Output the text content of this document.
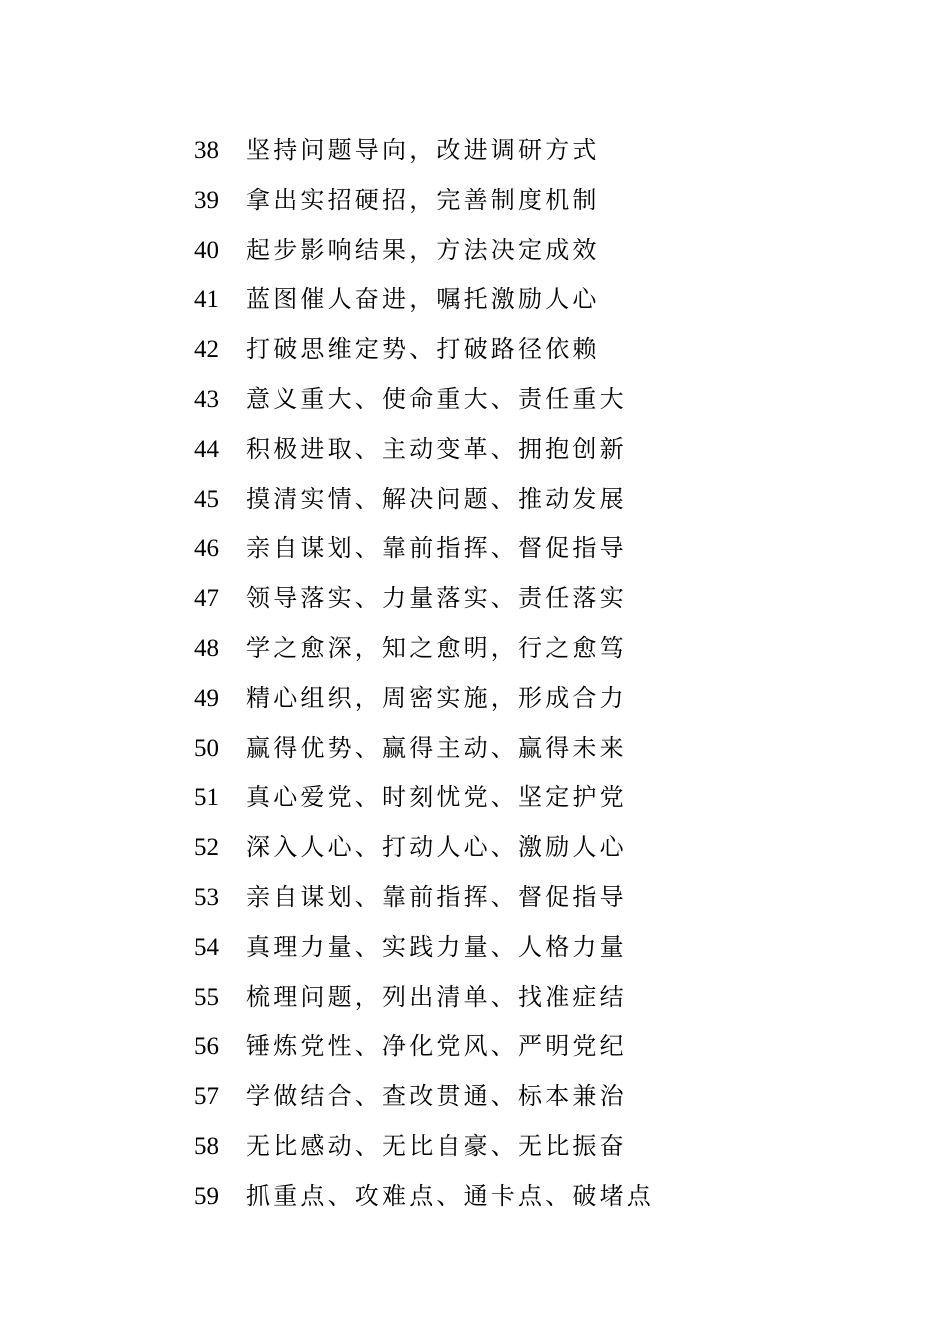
38	坚持问题导向，改进调研方式
39	拿出实招硬招，完善制度机制
40	起步影响结果，方法决定成效
41	蓝图催人奋进，嘱托激励人心
42	打破思维定势、打破路径依赖
43	意义重大、使命重大、责任重大
44	积极进取、主动变革、拥抱创新
45	摸清实情、解决问题、推动发展
46	亲自谋划、靠前指挥、督促指导
47	领导落实、力量落实、责任落实
48	学之愈深，知之愈明，行之愈笃
49	精心组织，周密实施，形成合力
50	赢得优势、赢得主动、赢得未来
51	真心爱党、时刻忧党、坚定护党
52	深入人心、打动人心、激励人心
53	亲自谋划、靠前指挥、督促指导
54	真理力量、实践力量、人格力量
55	梳理问题，列出清单、找准症结
56	锤炼党性、净化党风、严明党纪
57	学做结合、查改贯通、标本兼治
58	无比感动、无比自豪、无比振奋
59	抓重点、攻难点、通卡点、破堵点
